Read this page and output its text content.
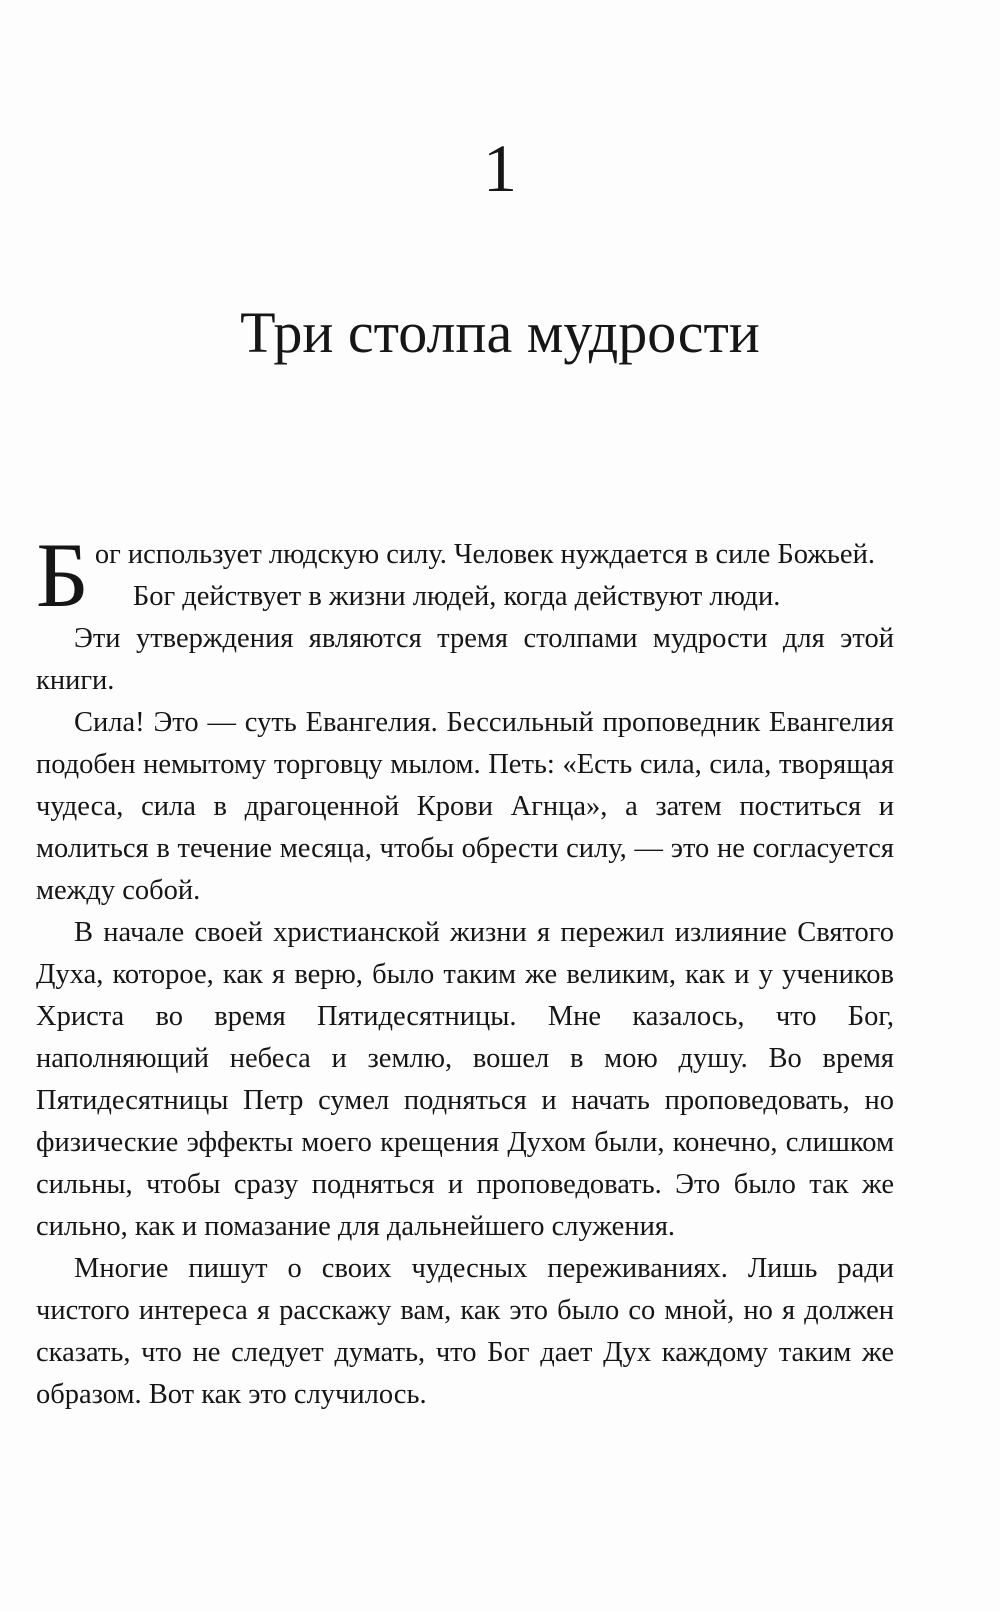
1
Три столпа мудрости

Бог использует людскую силу. Человек нуждается в силе Божьей.

Бог действует в жизни людей, когда действуют люди.

Эти утверждения являются тремя столпами мудрости для этой книги.

Сила! Это — суть Евангелия. Бессильный проповедник Евангелия подобен немытому торговцу мылом. Петь: «Есть сила, сила, творящая чудеса, сила в драгоценной Крови Агнца», а затем поститься и молиться в течение месяца, чтобы обрести силу, — это не согласуется между собой.

В начале своей христианской жизни я пережил излияние Святого Духа, которое, как я верю, было таким же великим, как и у учеников Христа во время Пятидесятницы. Мне казалось, что Бог, наполняющий небеса и землю, вошел в мою душу. Во время Пятидесятницы Петр сумел подняться и начать проповедовать, но физические эффекты моего крещения Духом были, конечно, слишком сильны, чтобы сразу подняться и проповедовать. Это было так же сильно, как и помазание для дальнейшего служения.

Многие пишут о своих чудесных переживаниях. Лишь ради чистого интереса я расскажу вам, как это было со мной, но я должен сказать, что не следует думать, что Бог дает Дух каждому таким же образом. Вот как это случилось.
